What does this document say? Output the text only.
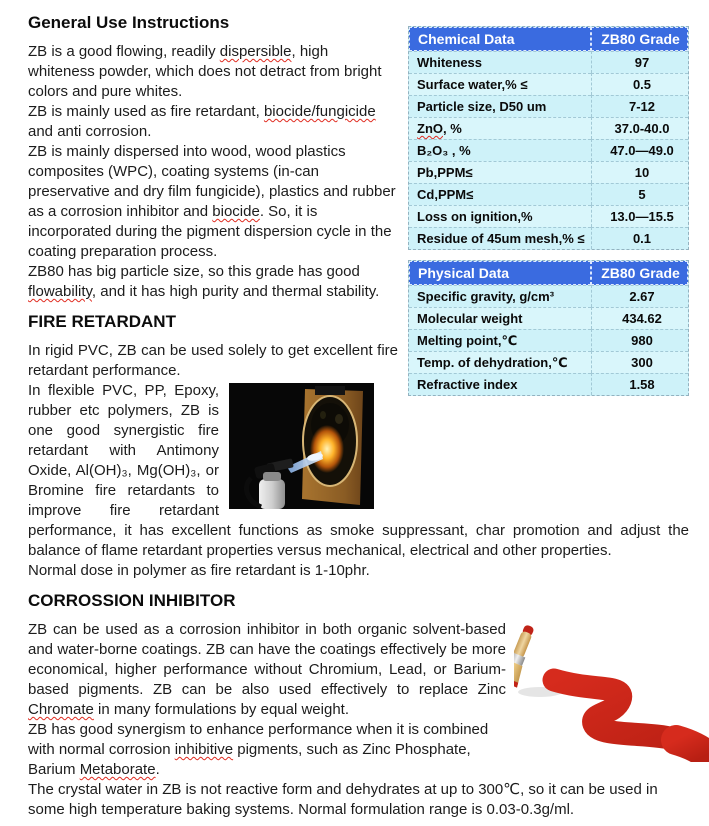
Chemical Data	ZB80 Grade
Whiteness	97
Surface water,% ≤	0.5
Particle size, D50 um	7-12
ZnO, %	37.0-40.0
B₂O₃ , %	47.0—49.0
Pb,PPM≤	10
Cd,PPM≤	5
Loss on ignition,%	13.0—15.5
Residue of 45um mesh,% ≤	0.1
Physical Data	ZB80 Grade
Specific gravity, g/cm³	2.67
Molecular weight	434.62
Melting point,℃	980
Temp. of dehydration,℃	300
Refractive index	1.58
General Use Instructions

ZB is a good flowing, readily dispersible, high whiteness powder, which does not detract from bright colors and pure whites.

ZB is mainly used as fire retardant, biocide/fungicide and anti corrosion.

ZB is mainly dispersed into wood, wood plastics composites (WPC), coating systems (in-can preservative and dry film fungicide), plastics and rubber as a corrosion inhibitor and biocide. So, it is incorporated during the pigment dispersion cycle in the coating preparation process.

ZB80 has big particle size, so this grade has good flowability, and it has high purity and thermal stability.

FIRE RETARDANT

In rigid PVC, ZB can be used solely to get excellent fire retardant performance.

In flexible PVC, PP, Epoxy, rubber etc polymers, ZB is one good synergistic fire retardant with Antimony Oxide, Al(OH)₃, Mg(OH)₃, or Bromine fire retardants to improve fire retardant performance, it has excellent functions as smoke suppressant, char promotion and adjust the balance of flame retardant properties versus mechanical, electrical and other properties.

Normal dose in polymer as fire retardant is 1-10phr.

CORROSSION INHIBITOR

ZB can be used as a corrosion inhibitor in both organic solvent-based and water-borne coatings. ZB can have the coatings effectively be more economical, higher performance without Chromium, Lead, or Barium-based pigments. ZB can be also used effectively to replace Zinc Chromate in many formulations by equal weight.

ZB has good synergism to enhance performance when it is combined with normal corrosion inhibitive pigments, such as Zinc Phosphate, Barium Metaborate.

The crystal water in ZB is not reactive form and dehydrates at up to 300℃, so it can be used in some high temperature baking systems. Normal formulation range is 0.03-0.3g/ml.
